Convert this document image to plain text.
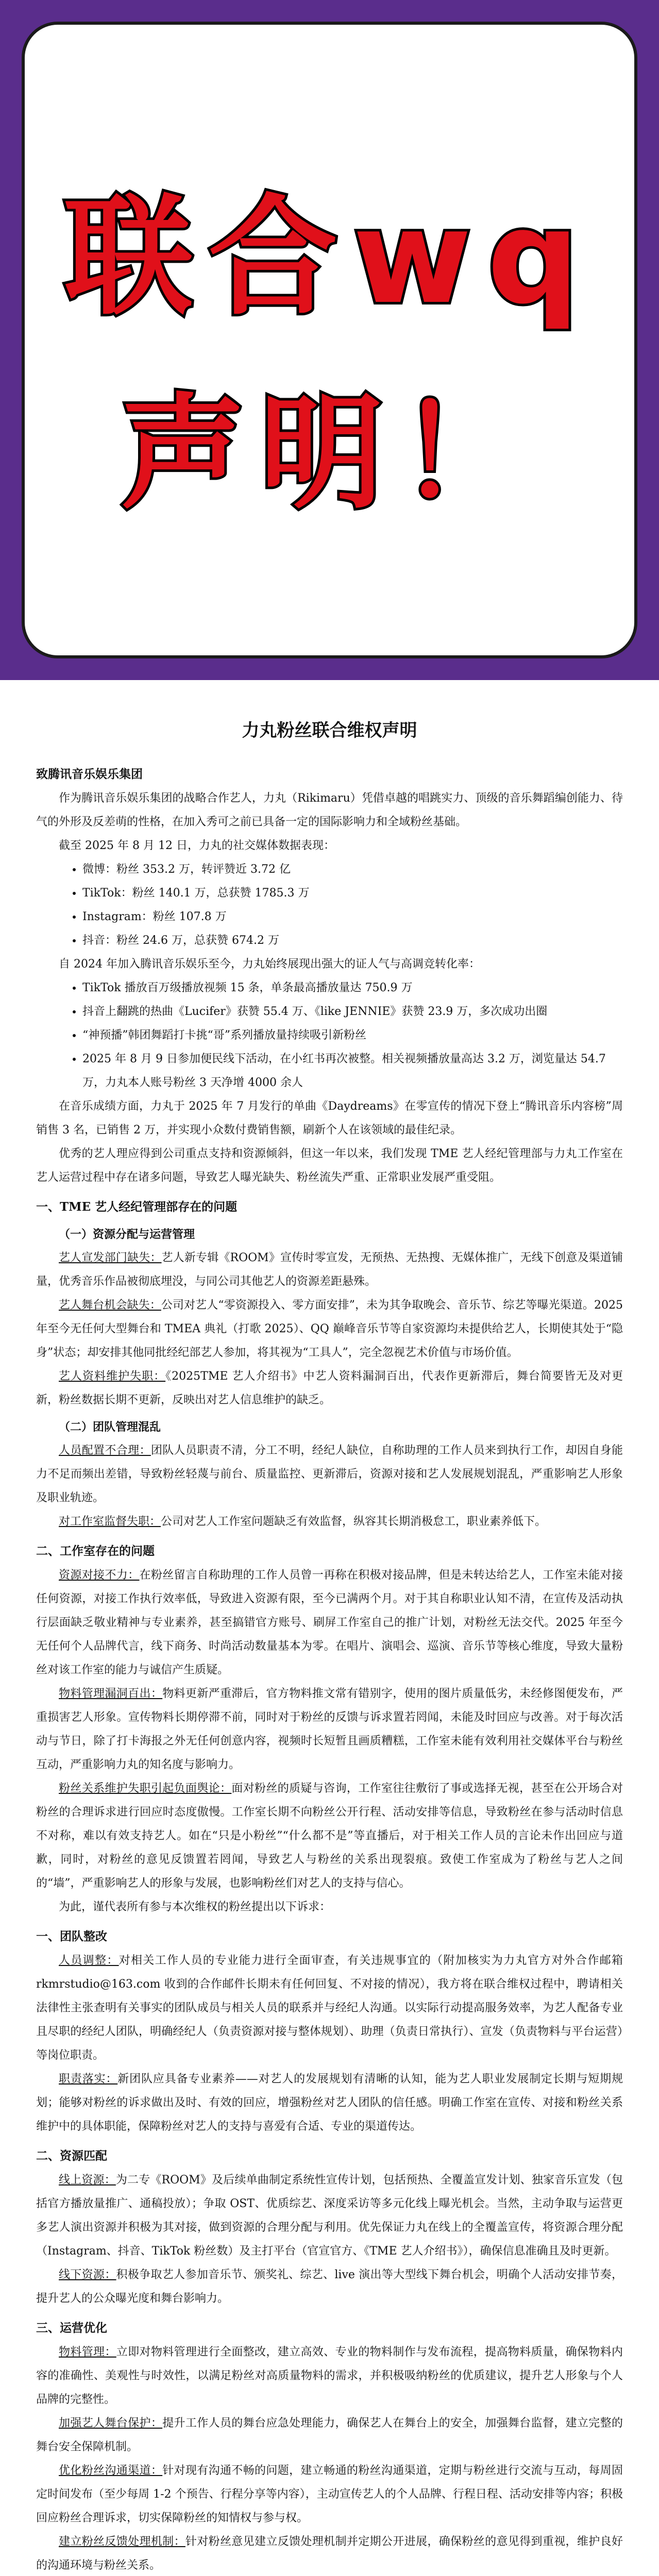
联合wq
声明！
力丸粉丝联合维权声明

致腾讯音乐娱乐集团

作为腾讯音乐娱乐集团的战略合作艺人，力丸（Rikimaru）凭借卓越的唱跳实力、顶级的音乐舞蹈编创能力、待气的外形及反差萌的性格，在加入秀可之前已具备一定的国际影响力和全域粉丝基础。

截至 2025 年 8 月 12 日，力丸的社交媒体数据表现：

• 微博：粉丝 353.2 万，转评赞近 3.72 亿
• TikTok：粉丝 140.1 万，总获赞 1785.3 万
• Instagram：粉丝 107.8 万
• 抖音：粉丝 24.6 万，总获赞 674.2 万

自 2024 年加入腾讯音乐娱乐至今，力丸始终展现出强大的证人气与高调竞转化率：

• TikTok 播放百万级播放视频 15 条，单条最高播放量达 750.9 万
• 抖音上翻跳的热曲《Lucifer》获赞 55.4 万、《like JENNIE》获赞 23.9 万，多次成功出圈
• “神预播”韩团舞蹈打卡挑“哥”系列播放量持续吸引新粉丝
• 2025 年 8 月 9 日参加便民线下活动，在小红书再次被整。相关视频播放量高达 3.2 万，浏览量达 54.7 万，力丸本人账号粉丝 3 天净增 4000 余人

在音乐成绩方面，力丸于 2025 年 7 月发行的单曲《Daydreams》在零宣传的情况下登上“腾讯音乐内容榜”周销售 3 名，已销售 2 万，并实现小众数付费销售额，刷新个人在该领域的最佳纪录。

优秀的艺人理应得到公司重点支持和资源倾斜，但这一年以来，我们发现 TME 艺人经纪管理部与力丸工作室在艺人运营过程中存在诸多问题，导致艺人曝光缺失、粉丝流失严重、正常职业发展严重受阻。

一、TME 艺人经纪管理部存在的问题

（一）资源分配与运营管理

艺人宣发部门缺失：艺人新专辑《ROOM》宣传时零宣发，无预热、无热搜、无媒体推广，无线下创意及渠道铺量，优秀音乐作品被彻底埋没，与同公司其他艺人的资源差距悬殊。

艺人舞台机会缺失：公司对艺人“零资源投入、零方面安排”，未为其争取晚会、音乐节、综艺等曝光渠道。2025 年至今无任何大型舞台和 TMEA 典礼（打歌 2025）、QQ 巅峰音乐节等自家资源均未提供给艺人，长期使其处于“隐身”状态；却安排其他同批经纪部艺人参加，将其视为“工具人”，完全忽视艺术价值与市场价值。

艺人资料维护失职：《2025TME 艺人介绍书》中艺人资料漏洞百出，代表作更新滞后，舞台简要皆无及对更新，粉丝数据长期不更新，反映出对艺人信息维护的缺乏。

（二）团队管理混乱

人员配置不合理：团队人员职责不清，分工不明，经纪人缺位，自称助理的工作人员来到执行工作，却因自身能力不足而频出差错，导致粉丝轻蔑与前台、质量监控、更新滞后，资源对接和艺人发展规划混乱，严重影响艺人形象及职业轨迹。

对工作室监督失职：公司对艺人工作室问题缺乏有效监督，纵容其长期消极怠工，职业素养低下。

二、工作室存在的问题

资源对接不力：在粉丝留言自称助理的工作人员曾一再称在积极对接品牌，但是未转达给艺人，工作室未能对接任何资源，对接工作执行效率低，导致进入资源有限，至今已满两个月。对于其自称职业认知不清，在宣传及活动执行层面缺乏敬业精神与专业素养，甚至搞错官方账号、刷屏工作室自己的推广计划，对粉丝无法交代。2025 年至今无任何个人品牌代言，线下商务、时尚活动数量基本为零。在唱片、演唱会、巡演、音乐节等核心维度，导致大量粉丝对该工作室的能力与诚信产生质疑。

物料管理漏洞百出：物料更新严重滞后，官方物料推文常有错别字，使用的图片质量低劣，未经修图便发布，严重损害艺人形象。宣传物料长期停滞不前，同时对于粉丝的反馈与诉求置若罔闻，未能及时回应与改善。对于每次活动与节日，除了打卡海报之外无任何创意内容，视频时长短暂且画质糟糕，工作室未能有效利用社交媒体平台与粉丝互动，严重影响力丸的知名度与影响力。

粉丝关系维护失职引起负面舆论：面对粉丝的质疑与咨询，工作室往往敷衍了事或选择无视，甚至在公开场合对粉丝的合理诉求进行回应时态度傲慢。工作室长期不向粉丝公开行程、活动安排等信息，导致粉丝在参与活动时信息不对称，难以有效支持艺人。如在“只是小粉丝”“什么都不是”等直播后，对于相关工作人员的言论未作出回应与道歉，同时，对粉丝的意见反馈置若罔闻，导致艺人与粉丝的关系出现裂痕。致使工作室成为了粉丝与艺人之间的“墙”，严重影响艺人的形象与发展，也影响粉丝们对艺人的支持与信心。

为此，谨代表所有参与本次维权的粉丝提出以下诉求：

一、团队整改

人员调整：对相关工作人员的专业能力进行全面审查，有关违规事宜的（附加核实为力丸官方对外合作邮箱 rkmrstudio@163.com 收到的合作邮件长期未有任何回复、不对接的情况），我方将在联合维权过程中，聘请相关法律性主张查明有关事实的团队成员与相关人员的联系并与经纪人沟通。以实际行动提高服务效率，为艺人配备专业且尽职的经纪人团队，明确经纪人（负责资源对接与整体规划）、助理（负责日常执行）、宣发（负责物料与平台运营）等岗位职责。

职责落实：新团队应具备专业素养——对艺人的发展规划有清晰的认知，能为艺人职业发展制定长期与短期规划；能够对粉丝的诉求做出及时、有效的回应，增强粉丝对艺人团队的信任感。明确工作室在宣传、对接和粉丝关系维护中的具体职能，保障粉丝对艺人的支持与喜爱有合适、专业的渠道传达。

二、资源匹配

线上资源：为二专《ROOM》及后续单曲制定系统性宣传计划，包括预热、全覆盖宣发计划、独家音乐宣发（包括官方播放量推广、通稿投放）；争取 OST、优质综艺、深度采访等多元化线上曝光机会。当然，主动争取与运营更多艺人演出资源并积极为其对接，做到资源的合理分配与利用。优先保证力丸在线上的全覆盖宣传，将资源合理分配（Instagram、抖音、TikTok 粉丝数）及主打平台（官宣官方、《TME 艺人介绍书》），确保信息准确且及时更新。

线下资源：积极争取艺人参加音乐节、颁奖礼、综艺、live 演出等大型线下舞台机会，明确个人活动安排节奏，提升艺人的公众曝光度和舞台影响力。

三、运营优化

物料管理：立即对物料管理进行全面整改，建立高效、专业的物料制作与发布流程，提高物料质量，确保物料内容的准确性、美观性与时效性，以满足粉丝对高质量物料的需求，并积极吸纳粉丝的优质建议，提升艺人形象与个人品牌的完整性。

加强艺人舞台保护：提升工作人员的舞台应急处理能力，确保艺人在舞台上的安全，加强舞台监督，建立完整的舞台安全保障机制。

优化粉丝沟通渠道：针对现有沟通不畅的问题，建立畅通的粉丝沟通渠道，定期与粉丝进行交流与互动，每周固定时间发布（至少每周 1-2 个预告、行程分享等内容），主动宣传艺人的个人品牌、行程日程、活动安排等内容；积极回应粉丝合理诉求，切实保障粉丝的知情权与参与权。

建立粉丝反馈处理机制：针对粉丝意见建立反馈处理机制并定期公开进展，确保粉丝的意见得到重视，维护良好的沟通环境与粉丝关系。
